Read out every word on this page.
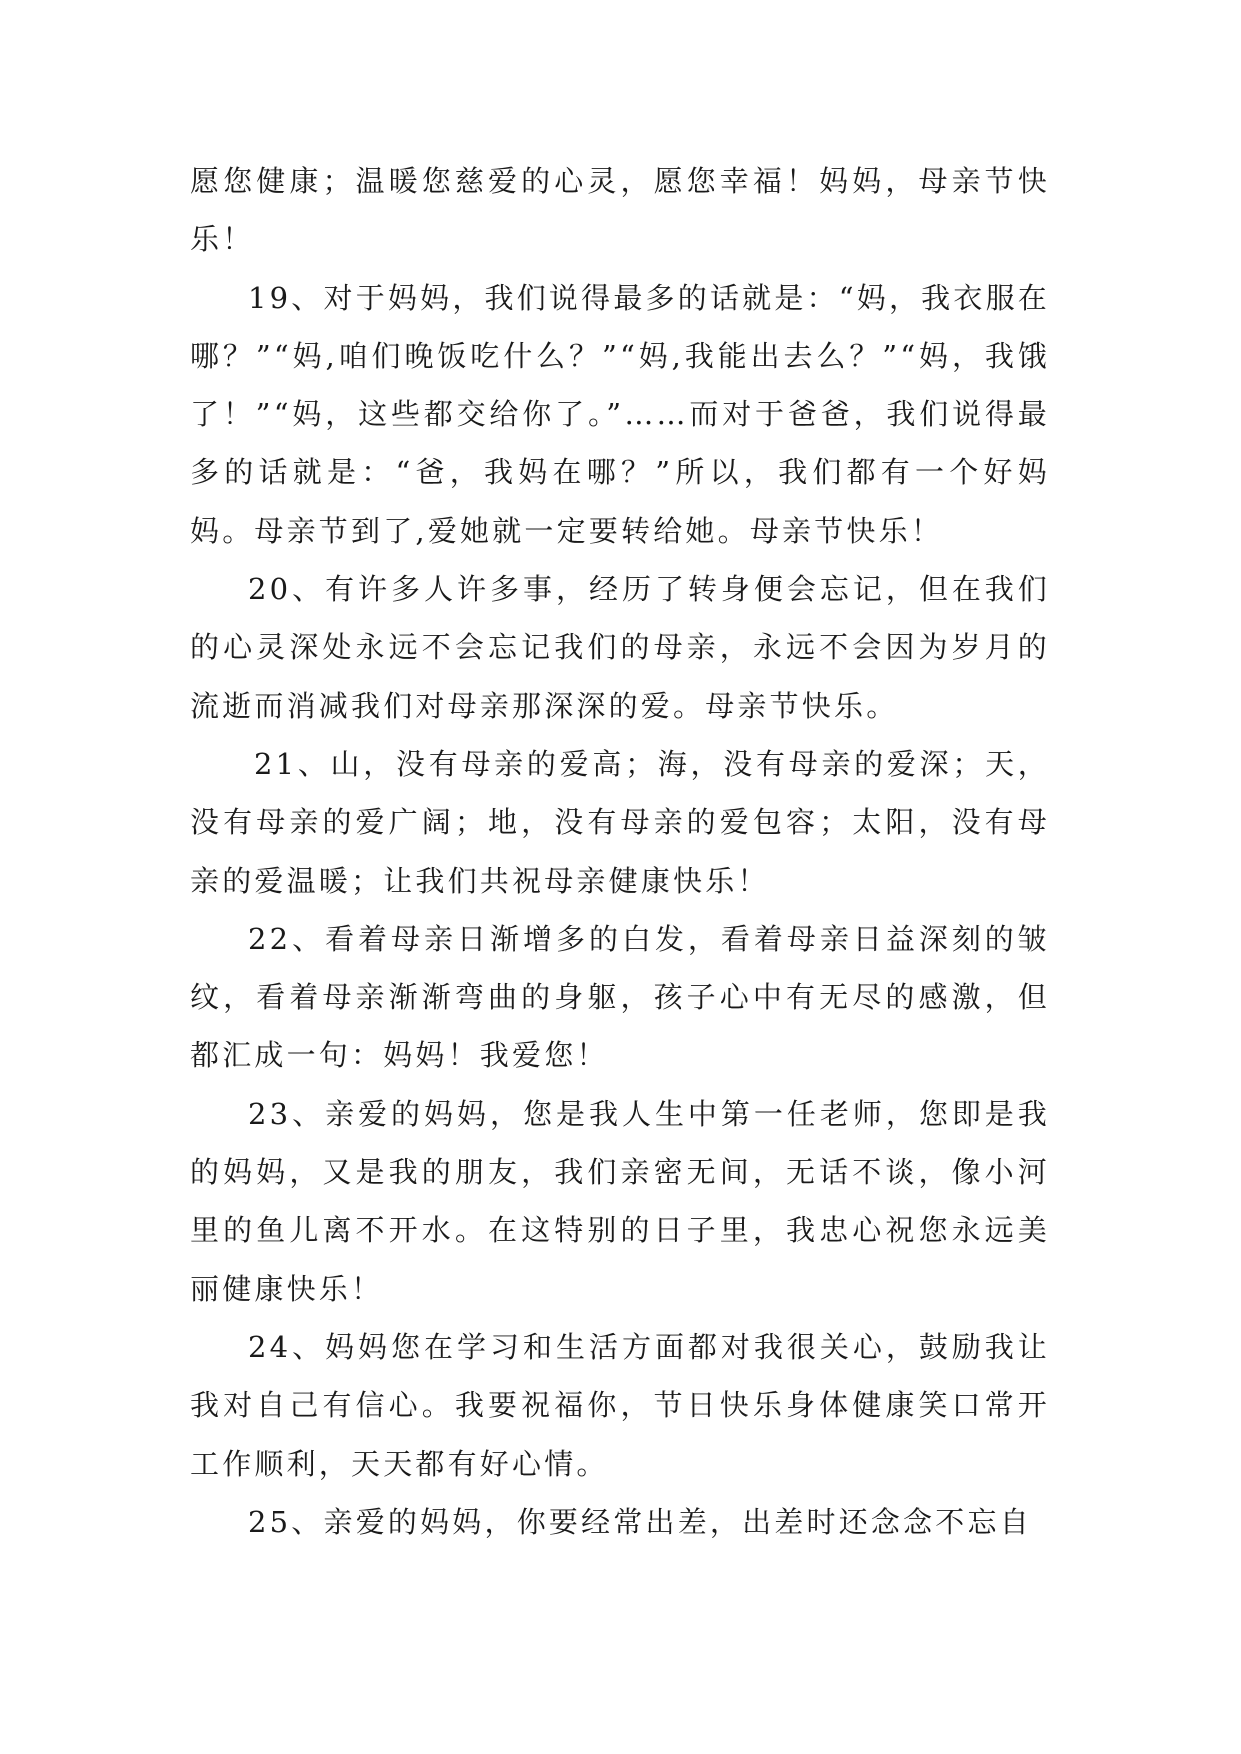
愿您健康；温暖您慈爱的心灵，愿您幸福！妈妈，母亲节快乐！

19、对于妈妈，我们说得最多的话就是：“妈，我衣服在哪？”“妈,咱们晚饭吃什么？”“妈,我能出去么？”“妈，我饿了！”“妈，这些都交给你了。”……而对于爸爸，我们说得最多的话就是：“爸，我妈在哪？”所以，我们都有一个好妈妈。母亲节到了,爱她就一定要转给她。母亲节快乐！

20、有许多人许多事，经历了转身便会忘记，但在我们的心灵深处永远不会忘记我们的母亲，永远不会因为岁月的流逝而消减我们对母亲那深深的爱。母亲节快乐。

21、山，没有母亲的爱高；海，没有母亲的爱深；天，没有母亲的爱广阔；地，没有母亲的爱包容；太阳，没有母亲的爱温暖；让我们共祝母亲健康快乐！

22、看着母亲日渐增多的白发，看着母亲日益深刻的皱纹，看着母亲渐渐弯曲的身躯，孩子心中有无尽的感激，但都汇成一句：妈妈！我爱您！

23、亲爱的妈妈，您是我人生中第一任老师，您即是我的妈妈，又是我的朋友，我们亲密无间，无话不谈，像小河里的鱼儿离不开水。在这特别的日子里，我忠心祝您永远美丽健康快乐！

24、妈妈您在学习和生活方面都对我很关心，鼓励我让我对自己有信心。我要祝福你，节日快乐身体健康笑口常开工作顺利，天天都有好心情。

25、亲爱的妈妈，你要经常出差，出差时还念念不忘自
